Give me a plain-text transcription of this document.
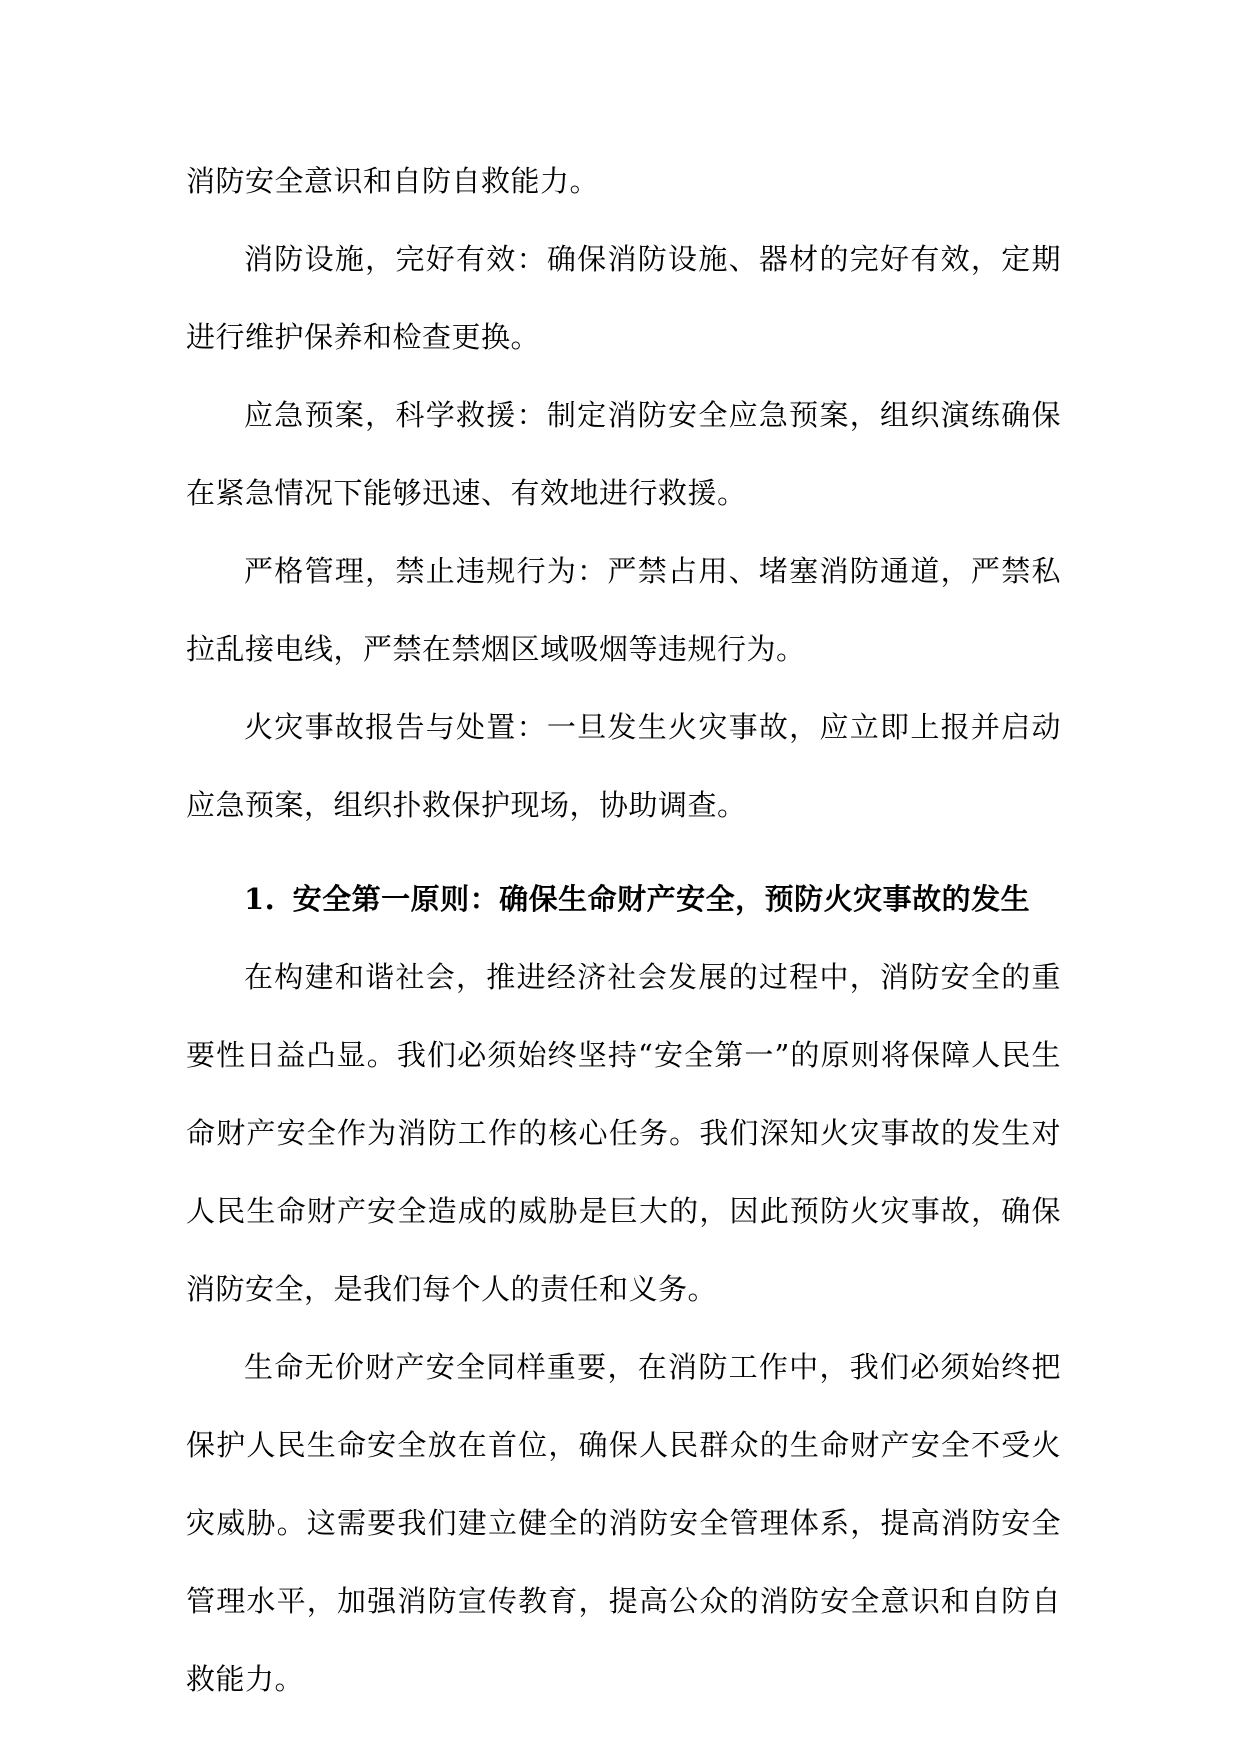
消防安全意识和自防自救能力。

消防设施，完好有效：确保消防设施、器材的完好有效，定期进行维护保养和检查更换。

应急预案，科学救援：制定消防安全应急预案，组织演练确保在紧急情况下能够迅速、有效地进行救援。

严格管理，禁止违规行为：严禁占用、堵塞消防通道，严禁私拉乱接电线，严禁在禁烟区域吸烟等违规行为。

火灾事故报告与处置：一旦发生火灾事故，应立即上报并启动应急预案，组织扑救保护现场，协助调查。

1. 安全第一原则：确保生命财产安全，预防火灾事故的发生

在构建和谐社会，推进经济社会发展的过程中，消防安全的重要性日益凸显。我们必须始终坚持“安全第一”的原则将保障人民生命财产安全作为消防工作的核心任务。我们深知火灾事故的发生对人民生命财产安全造成的威胁是巨大的，因此预防火灾事故，确保消防安全，是我们每个人的责任和义务。

生命无价财产安全同样重要，在消防工作中，我们必须始终把保护人民生命安全放在首位，确保人民群众的生命财产安全不受火灾威胁。这需要我们建立健全的消防安全管理体系，提高消防安全管理水平，加强消防宣传教育，提高公众的消防安全意识和自防自救能力。
